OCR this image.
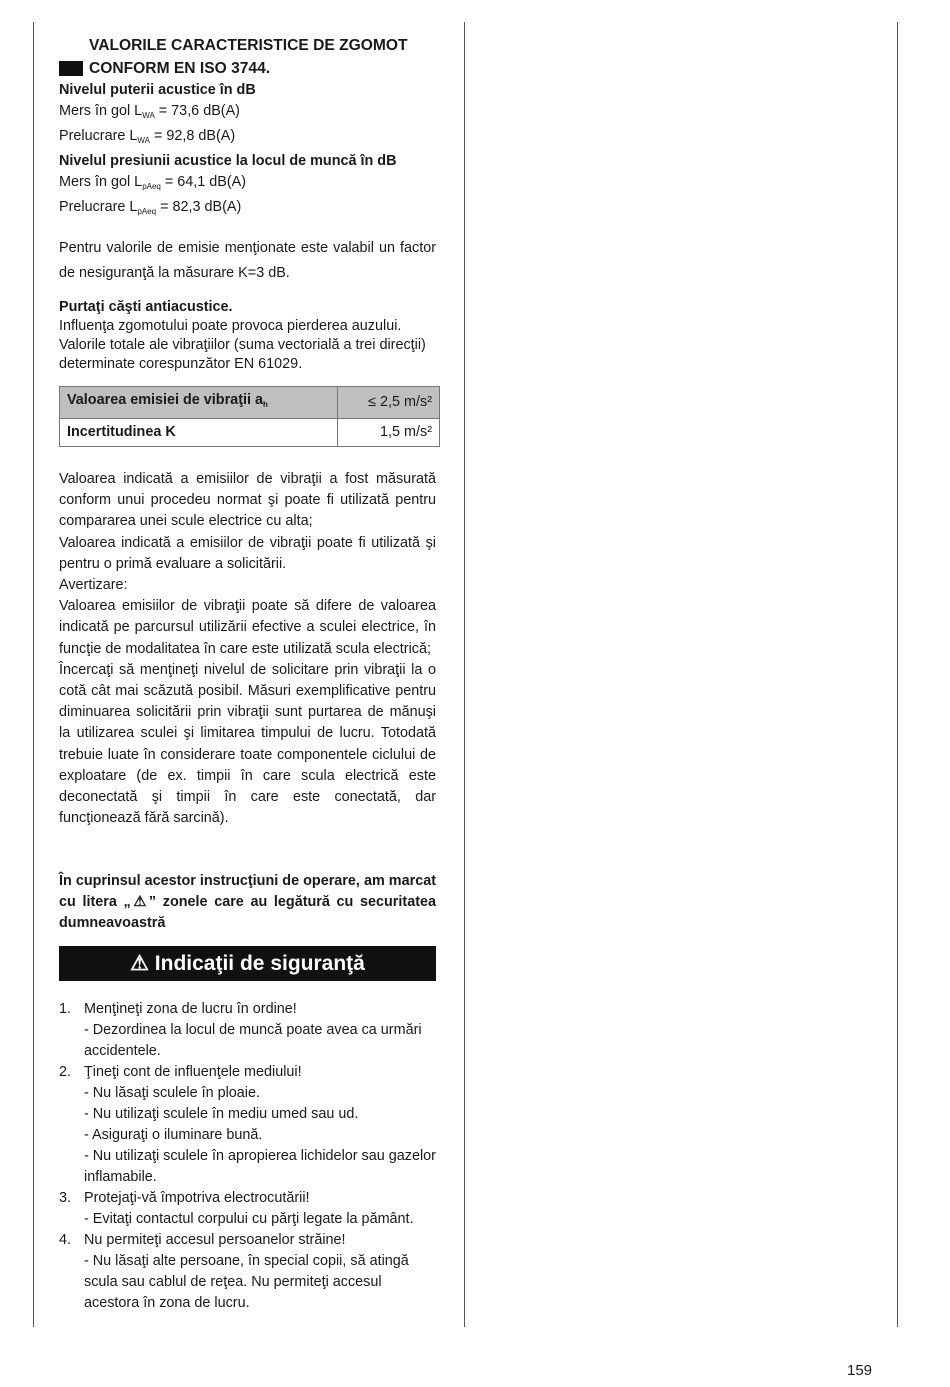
VALORILE CARACTERISTICE DE ZGOMOT
CONFORM EN ISO 3744.
Nivelul puterii acustice în dB
Mers în gol $L_{WA} = 73,6$ dB(A)
Prelucrare $L_{WA} = 92,8$ dB(A)
Nivelul presiunii acustice la locul de muncă în dB
Mers în gol $L_{pAeq} = 64,1$ dB(A)
Prelucrare $L_{pAeq} = 82,3$ dB(A)
Pentru valorile de emisie menţionate este valabil un factor de nesiguranţă la măsurare K=3 dB.
Purtaţi căşti antiacustice.
Influenţa zgomotului poate provoca pierderea auzului. Valorile totale ale vibraţiilor (suma vectorială a trei direcţii) determinate corespunzător EN 61029.
Valoarea emisiei de vibraţii $a_h$	≤ 2,5 m/s²
Incertitudinea K	1,5 m/s²
Valoarea indicată a emisiilor de vibraţii a fost măsurată conform unui procedeu normat şi poate fi utilizată pentru compararea unei scule electrice cu alta;
Valoarea indicată a emisiilor de vibraţii poate fi utilizată şi pentru o primă evaluare a solicitării.
Avertizare:
Valoarea emisiilor de vibraţii poate să difere de valoarea indicată pe parcursul utilizării efective a sculei electrice, în funcţie de modalitatea în care este utilizată scula electrică;
Încercaţi să menţineţi nivelul de solicitare prin vibraţii la o cotă cât mai scăzută posibil. Măsuri exemplificative pentru diminuarea solicitării prin vibraţii sunt purtarea de mănuşi la utilizarea sculei şi limitarea timpului de lucru. Totodată trebuie luate în considerare toate componentele ciclului de exploatare (de ex. timpii în care scula electrică este deconectată şi timpii în care este conectată, dar funcţionează fără sarcină).
În cuprinsul acestor instrucţiuni de operare, am marcat cu litera „⚠” zonele care au legătură cu securitatea dumneavoastră
⚠ Indicaţii de siguranţă
1. Menţineţi zona de lucru în ordine!
- Dezordinea la locul de muncă poate avea ca urmări accidentele.
2. Ţineţi cont de influenţele mediului!
- Nu lăsaţi sculele în ploaie.
- Nu utilizaţi sculele în mediu umed sau ud.
- Asiguraţi o iluminare bună.
- Nu utilizaţi sculele în apropierea lichidelor sau gazelor inflamabile.
3. Protejaţi-vă împotriva electrocutării!
- Evitaţi contactul corpului cu părţi legate la pământ.
4. Nu permiteţi accesul persoanelor străine!
- Nu lăsaţi alte persoane, în special copii, să atingă scula sau cablul de reţea. Nu permiteţi accesul acestora în zona de lucru.
159
